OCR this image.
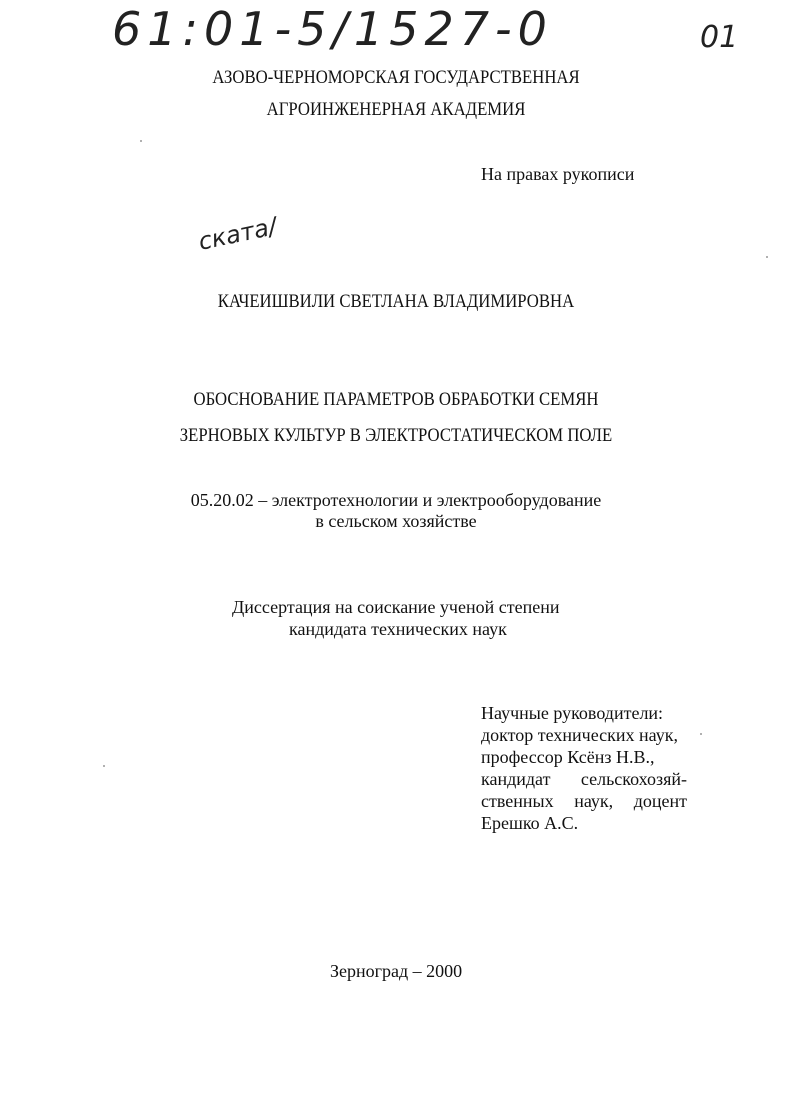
61:01-5/1527-0	01
АЗОВО-ЧЕРНОМОРСКАЯ ГОСУДАРСТВЕННАЯ
АГРОИНЖЕНЕРНАЯ АКАДЕМИЯ
На правах рукописи
ската/
КАЧЕИШВИЛИ СВЕТЛАНА ВЛАДИМИРОВНА
ОБОСНОВАНИЕ ПАРАМЕТРОВ ОБРАБОТКИ СЕМЯН
ЗЕРНОВЫХ КУЛЬТУР В ЭЛЕКТРОСТАТИЧЕСКОМ ПОЛЕ
05.20.02 – электротехнологии и электрооборудование
в сельском хозяйстве
Диссертация на соискание ученой степени
кандидата технических наук
Научные руководители:
доктор технических наук,
профессор Ксёнз Н.В.,
кандидат сельскохозяй-
ственных наук, доцент
Ерешко А.С.
Зерноград – 2000
